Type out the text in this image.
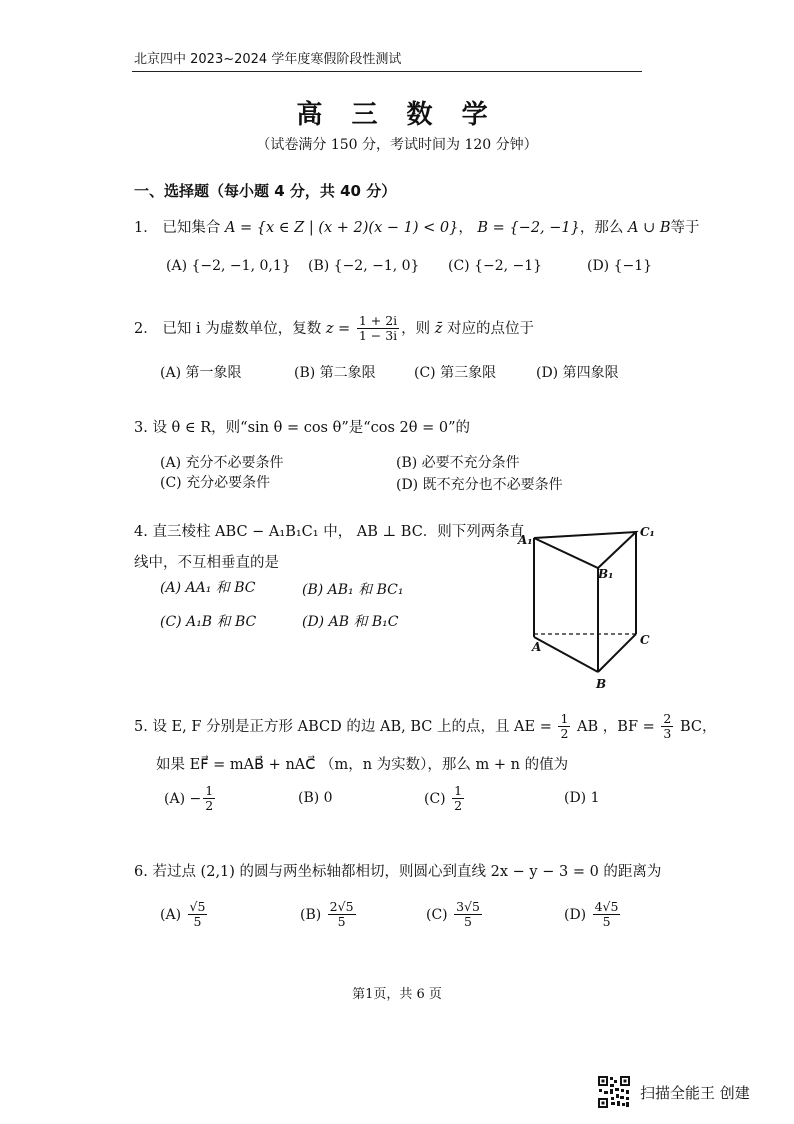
北京四中 2023~2024 学年度寒假阶段性测试
高 三 数 学
（试卷满分 150 分，考试时间为 120 分钟）
一、选择题（每小题 4 分，共 40 分）
1． 已知集合 A = {x ∈ Z | (x + 2)(x − 1) < 0}， B = {−2, −1}，那么 A ∪ B等于
(A) {−2, −1, 0,1} (B) {−2, −1, 0} (C) {−2, −1}	(D) {−1}
2． 已知 i 为虚数单位，复数 $z = \frac{1 + 2i}{1 - 3i}$ ，则 z̄ 对应的点位于
(A) 第一象限	(B) 第二象限	(C) 第三象限	(D) 第四象限
3. 设 θ ∈ R，则“sin θ = cos θ”是“cos 2θ = 0”的
(A) 充分不必要条件	(B) 必要不充分条件
(C) 充分必要条件	(D) 既不充分也不必要条件
4. 直三棱柱 ABC − A₁B₁C₁ 中， AB ⊥ BC．则下列两条直
线中，不互相垂直的是
(A) AA₁ 和 BC	(B) AB₁ 和 BC₁
(C) A₁B 和 BC	(D) AB 和 B₁C
A₁
C₁
B₁
A	C
B
5. 设 E, F 分别是正方形 ABCD 的边 AB, BC 上的点，且 AE = $\frac{1}{2}$ AB ，BF = $\frac{2}{3}$ BC，
如果 EF⃗ = mAB⃗ + nAC⃗ （m，n 为实数），那么 m + n 的值为
$(A) - \frac{1}{2}$	(B) 0	$(C) \frac{1}{2}$	(D) 1
6. 若过点 (2,1) 的圆与两坐标轴都相切，则圆心到直线 2x − y − 3 = 0 的距离为
$(A) \frac{√5}{5}$	$(B) \frac{2√5}{5}$	$(C) \frac{3√5}{5}$	$(D) \frac{4√5}{5}$
第1页，共 6 页
扫描全能王 创建
